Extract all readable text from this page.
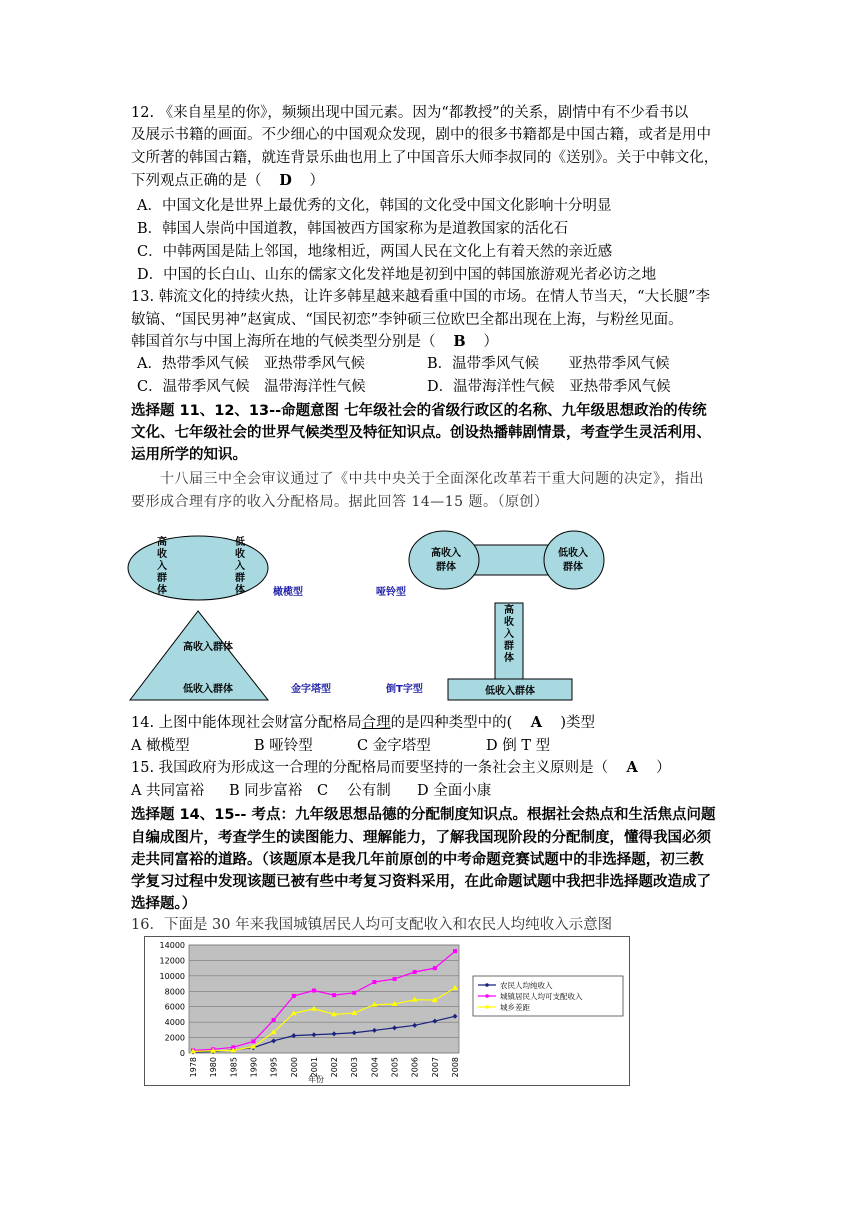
12. 《来自星星的你》，频频出现中国元素。因为“都教授”的关系，剧情中有不少看书以
及展示书籍的画面。不少细心的中国观众发现，剧中的很多书籍都是中国古籍，或者是用中
文所著的韩国古籍，就连背景乐曲也用上了中国音乐大师李叔同的《送别》。关于中韩文化，
下列观点正确的是（ D ）
A．中国文化是世界上最优秀的文化，韩国的文化受中国文化影响十分明显
B．韩国人崇尚中国道教，韩国被西方国家称为是道教国家的活化石
C．中韩两国是陆上邻国，地缘相近，两国人民在文化上有着天然的亲近感
D．中国的长白山、山东的儒家文化发祥地是初到中国的韩国旅游观光者必访之地
13. 韩流文化的持续火热，让许多韩星越来越看重中国的市场。在情人节当天，“大长腿”李
敏镐、“国民男神”赵寅成、“国民初恋”李钟硕三位欧巴全都出现在上海，与粉丝见面。
韩国首尔与中国上海所在地的气候类型分别是（ B ）
A．热带季风气候　亚热带季风气候	B．温带季风气候　　亚热带季风气候
C．温带季风气候　温带海洋性气候	D．温带海洋性气候　亚热带季风气候
选择题 11、12、13--命题意图 七年级社会的省级行政区的名称、九年级思想政治的传统
文化、七年级社会的世界气候类型及特征知识点。创设热播韩剧情景，考查学生灵活利用、
运用所学的知识。
十八届三中全会审议通过了《中共中央关于全面深化改革若干重大问题的决定》，指出
要形成合理有序的收入分配格局。据此回答 14—15 题。（原创）
高收入群体
低收入群体	橄榄型
高收入
群体
低收入
群体
哑铃型
高收入群体
低收入群体	金字塔型
高收入群体
低收入群体
倒T字型
14. 上图中能体现社会财富分配格局合理的是四种类型中的( A )类型
A 橄榄型	B 哑铃型	C 金字塔型	D 倒 T 型
15. 我国政府为形成这一合理的分配格局而要坚持的一条社会主义原则是（ A ）
A 共同富裕 B 同步富裕 C　 公有制 D 全面小康
选择题 14、15-- 考点：九年级思想品德的分配制度知识点。根据社会热点和生活焦点问题
自编成图片，考查学生的读图能力、理解能力，了解我国现阶段的分配制度，懂得我国必须
走共同富裕的道路。（该题原本是我几年前原创的中考命题竞赛试题中的非选择题，初三教
学复习过程中发现该题已被有些中考复习资料采用，在此命题试题中我把非选择题改造成了
选择题。）
16．下面是 30 年来我国城镇居民人均可支配收入和农民人均纯收入示意图
0
2000
4000
6000
8000
10000
12000
14000
1978 1980 1985 1990 1995 2000 2001 2002 2003 2004 2005 2006 2007 2008
年份
农民人均纯收入
城镇居民人均可支配收入
城乡差距
